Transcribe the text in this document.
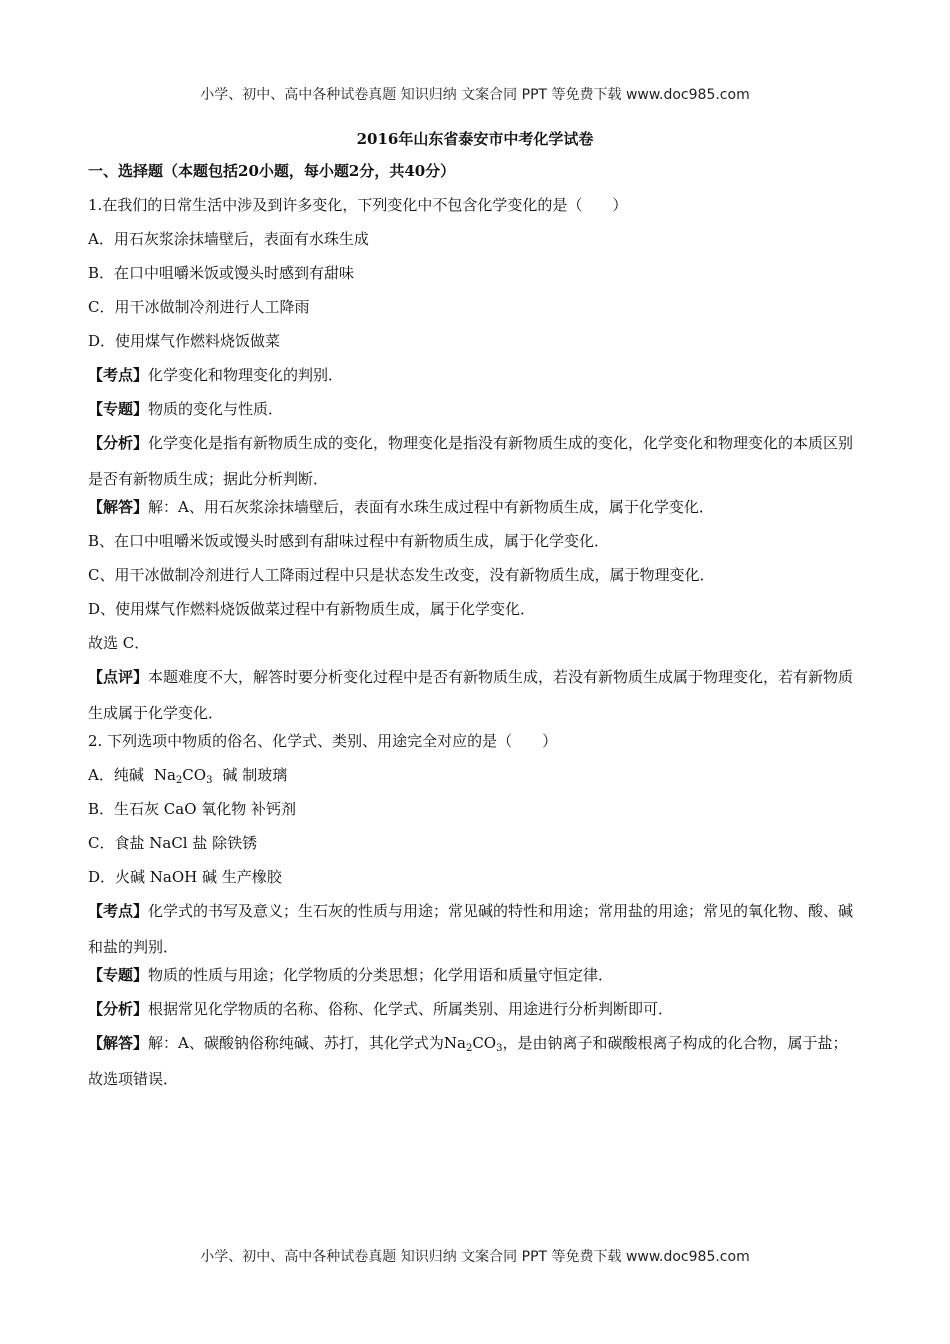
小学、初中、高中各种试卷真题 知识归纳 文案合同 PPT 等免费下载 www.doc985.com
2016年山东省泰安市中考化学试卷
一、选择题（本题包括20小题，每小题2分，共40分）
1.在我们的日常生活中涉及到许多变化，下列变化中不包含化学变化的是（　　）
A．用石灰浆涂抹墙壁后，表面有水珠生成
B．在口中咀嚼米饭或馒头时感到有甜味
C．用干冰做制冷剂进行人工降雨
D．使用煤气作燃料烧饭做菜
【考点】化学变化和物理变化的判别．
【专题】物质的变化与性质．
【分析】化学变化是指有新物质生成的变化，物理变化是指没有新物质生成的变化，化学变化和物理变化的本质区别是否有新物质生成；据此分析判断．
【解答】解：A、用石灰浆涂抹墙壁后，表面有水珠生成过程中有新物质生成，属于化学变化．
B、在口中咀嚼米饭或馒头时感到有甜味过程中有新物质生成，属于化学变化．
C、用干冰做制冷剂进行人工降雨过程中只是状态发生改变，没有新物质生成，属于物理变化．
D、使用煤气作燃料烧饭做菜过程中有新物质生成，属于化学变化．
故选 C．
【点评】本题难度不大，解答时要分析变化过程中是否有新物质生成，若没有新物质生成属于物理变化，若有新物质生成属于化学变化．
2. 下列选项中物质的俗名、化学式、类别、用途完全对应的是（　　）
A．纯碱 $Na_2CO_3$ 碱 制玻璃
B．生石灰 CaO 氧化物 补钙剂
C．食盐 NaCl 盐 除铁锈
D．火碱 NaOH 碱 生产橡胶
【考点】化学式的书写及意义；生石灰的性质与用途；常见碱的特性和用途；常用盐的用途；常见的氧化物、酸、碱和盐的判别．
【专题】物质的性质与用途；化学物质的分类思想；化学用语和质量守恒定律．
【分析】根据常见化学物质的名称、俗称、化学式、所属类别、用途进行分析判断即可．
【解答】解：A、碳酸钠俗称纯碱、苏打，其化学式为$Na_2CO_3$，是由钠离子和碳酸根离子构成的化合物，属于盐；故选项错误．
小学、初中、高中各种试卷真题 知识归纳 文案合同 PPT 等免费下载 www.doc985.com
